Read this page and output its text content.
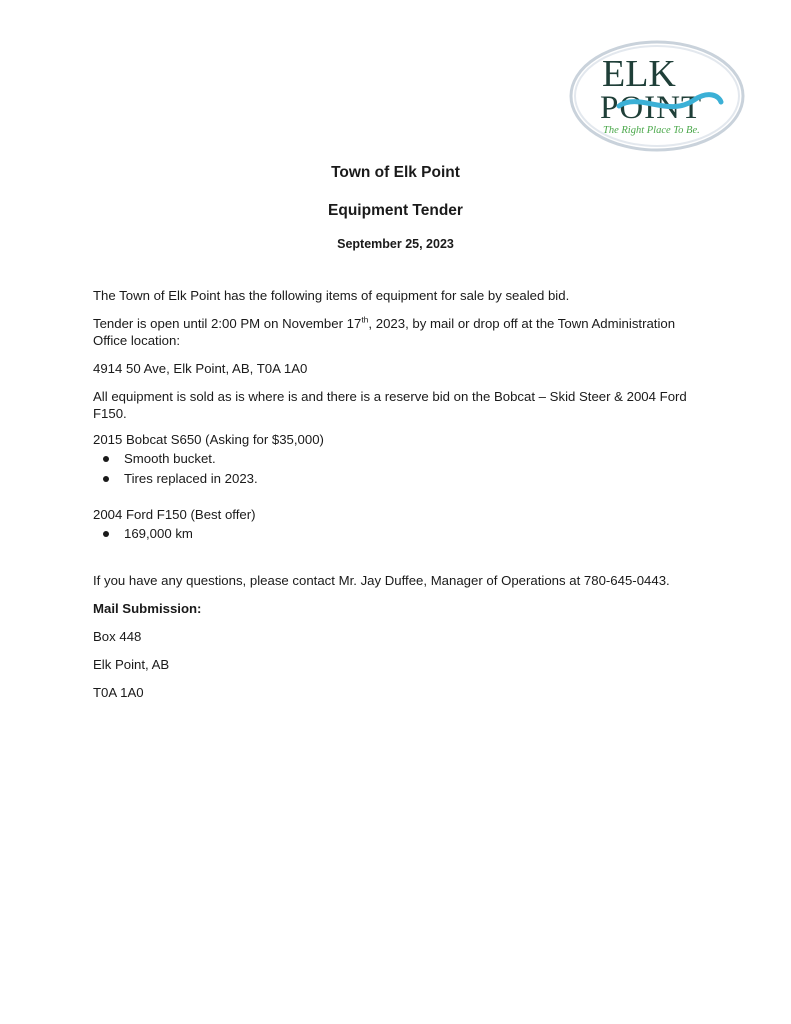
ELK
POINT
The Right Place To Be.

Town of Elk Point

Equipment Tender

September 25, 2023

The Town of Elk Point has the following items of equipment for sale by sealed bid.

Tender is open until 2:00 PM on November 17th, 2023, by mail or drop off at the Town Administration Office location:

4914 50 Ave, Elk Point, AB, T0A 1A0

All equipment is sold as is where is and there is a reserve bid on the Bobcat – Skid Steer & 2004 Ford F150.

2015 Bobcat S650 (Asking for $35,000)

Smooth bucket.
Tires replaced in 2023.

2004 Ford F150 (Best offer)

169,000 km

If you have any questions, please contact Mr. Jay Duffee, Manager of Operations at 780-645-0443.

Mail Submission:

Box 448

Elk Point, AB

T0A 1A0
